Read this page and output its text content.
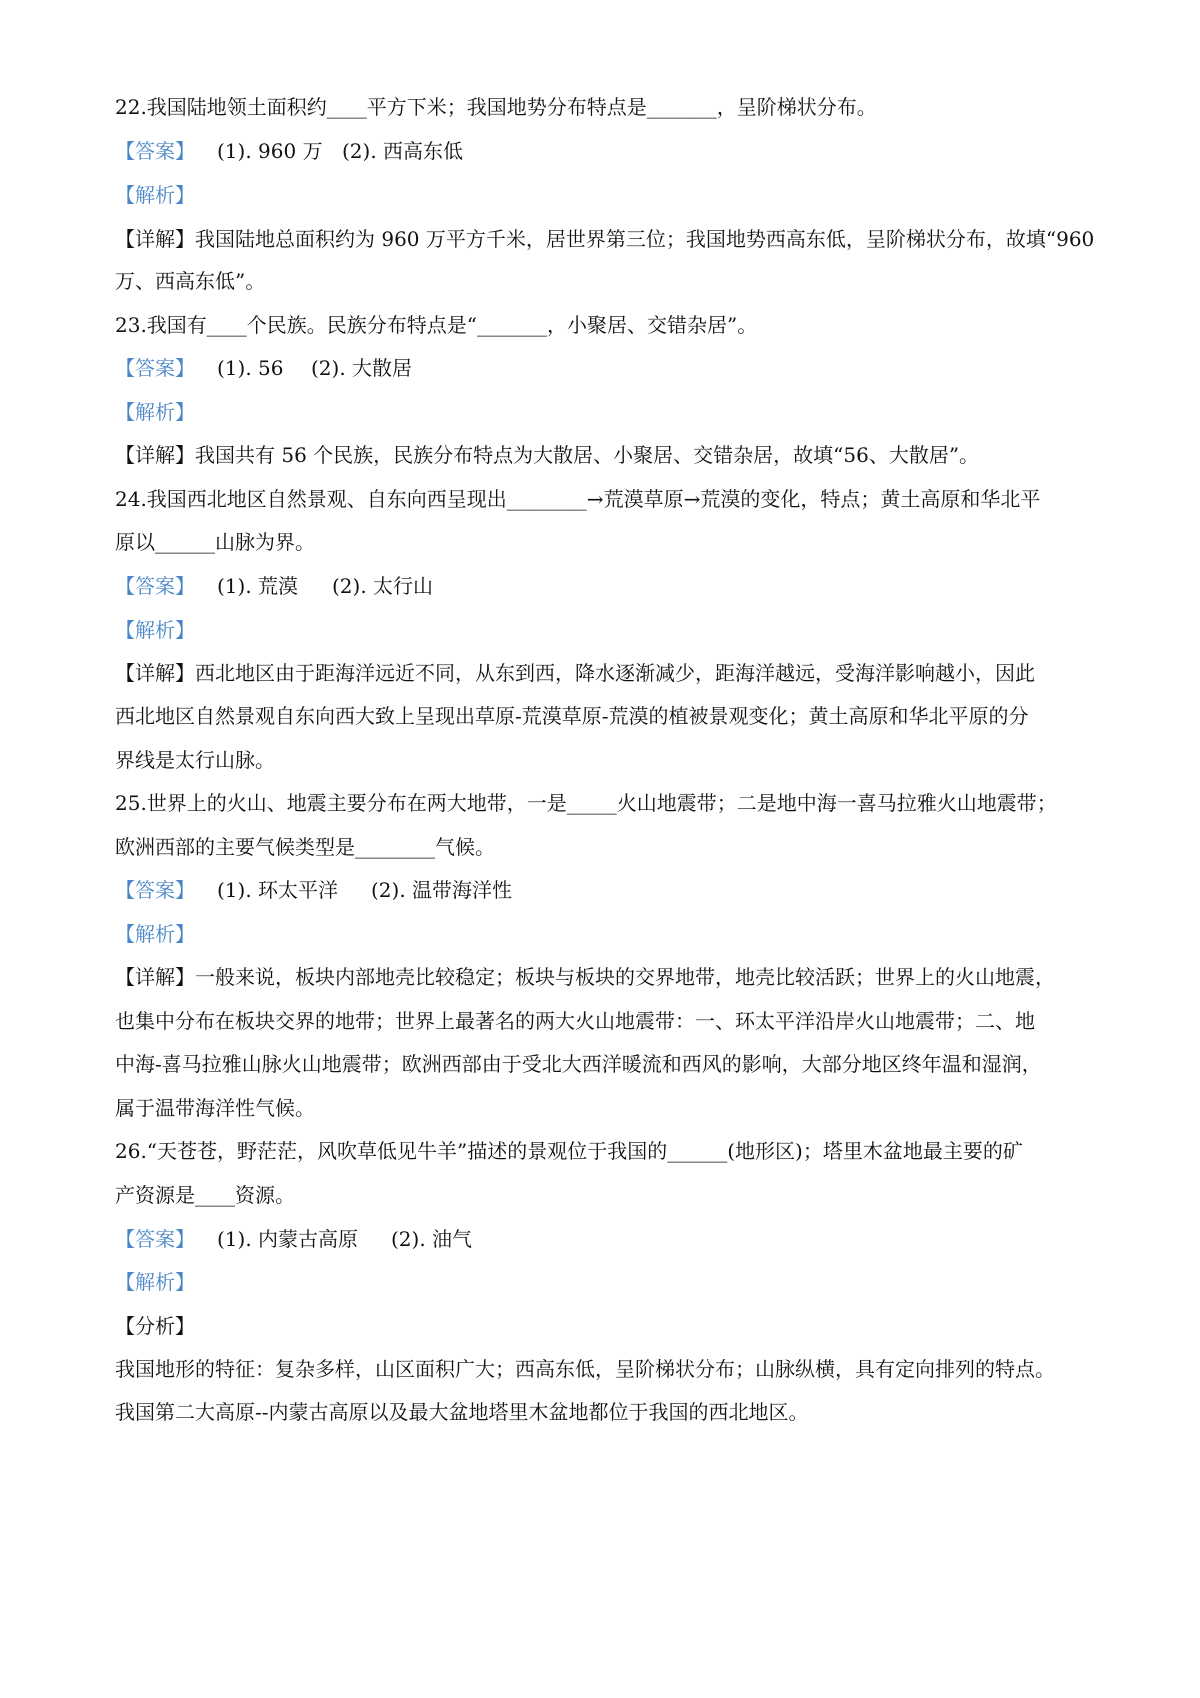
22.我国陆地领土面积约____平方下米；我国地势分布特点是_______，呈阶梯状分布。
【答案】 (1). 960 万 (2). 西高东低
【解析】
【详解】我国陆地总面积约为 960 万平方千米，居世界第三位；我国地势西高东低，呈阶梯状分布，故填“960
万、西高东低”。
23.我国有____个民族。民族分布特点是“_______，小聚居、交错杂居”。
【答案】 (1). 56 (2). 大散居
【解析】
【详解】我国共有 56 个民族，民族分布特点为大散居、小聚居、交错杂居，故填“56、大散居”。
24.我国西北地区自然景观、自东向西呈现出________→荒漠草原→荒漠的变化，特点；黄土高原和华北平
原以______山脉为界。
【答案】 (1). 荒漠 (2). 太行山
【解析】
【详解】西北地区由于距海洋远近不同，从东到西，降水逐渐减少，距海洋越远，受海洋影响越小，因此
西北地区自然景观自东向西大致上呈现出草原-荒漠草原-荒漠的植被景观变化；黄土高原和华北平原的分
界线是太行山脉。
25.世界上的火山、地震主要分布在两大地带，一是_____火山地震带；二是地中海一喜马拉雅火山地震带；
欧洲西部的主要气候类型是________气候。
【答案】 (1). 环太平洋 (2). 温带海洋性
【解析】
【详解】一般来说，板块内部地壳比较稳定；板块与板块的交界地带，地壳比较活跃；世界上的火山地震，
也集中分布在板块交界的地带；世界上最著名的两大火山地震带：一、环太平洋沿岸火山地震带；二、地
中海-喜马拉雅山脉火山地震带；欧洲西部由于受北大西洋暖流和西风的影响，大部分地区终年温和湿润，
属于温带海洋性气候。
26.“天苍苍，野茫茫，风吹草低见牛羊”描述的景观位于我国的______(地形区)；塔里木盆地最主要的矿
产资源是____资源。
【答案】 (1). 内蒙古高原 (2). 油气
【解析】
【分析】
我国地形的特征：复杂多样，山区面积广大；西高东低，呈阶梯状分布；山脉纵横，具有定向排列的特点。
我国第二大高原--内蒙古高原以及最大盆地塔里木盆地都位于我国的西北地区。
